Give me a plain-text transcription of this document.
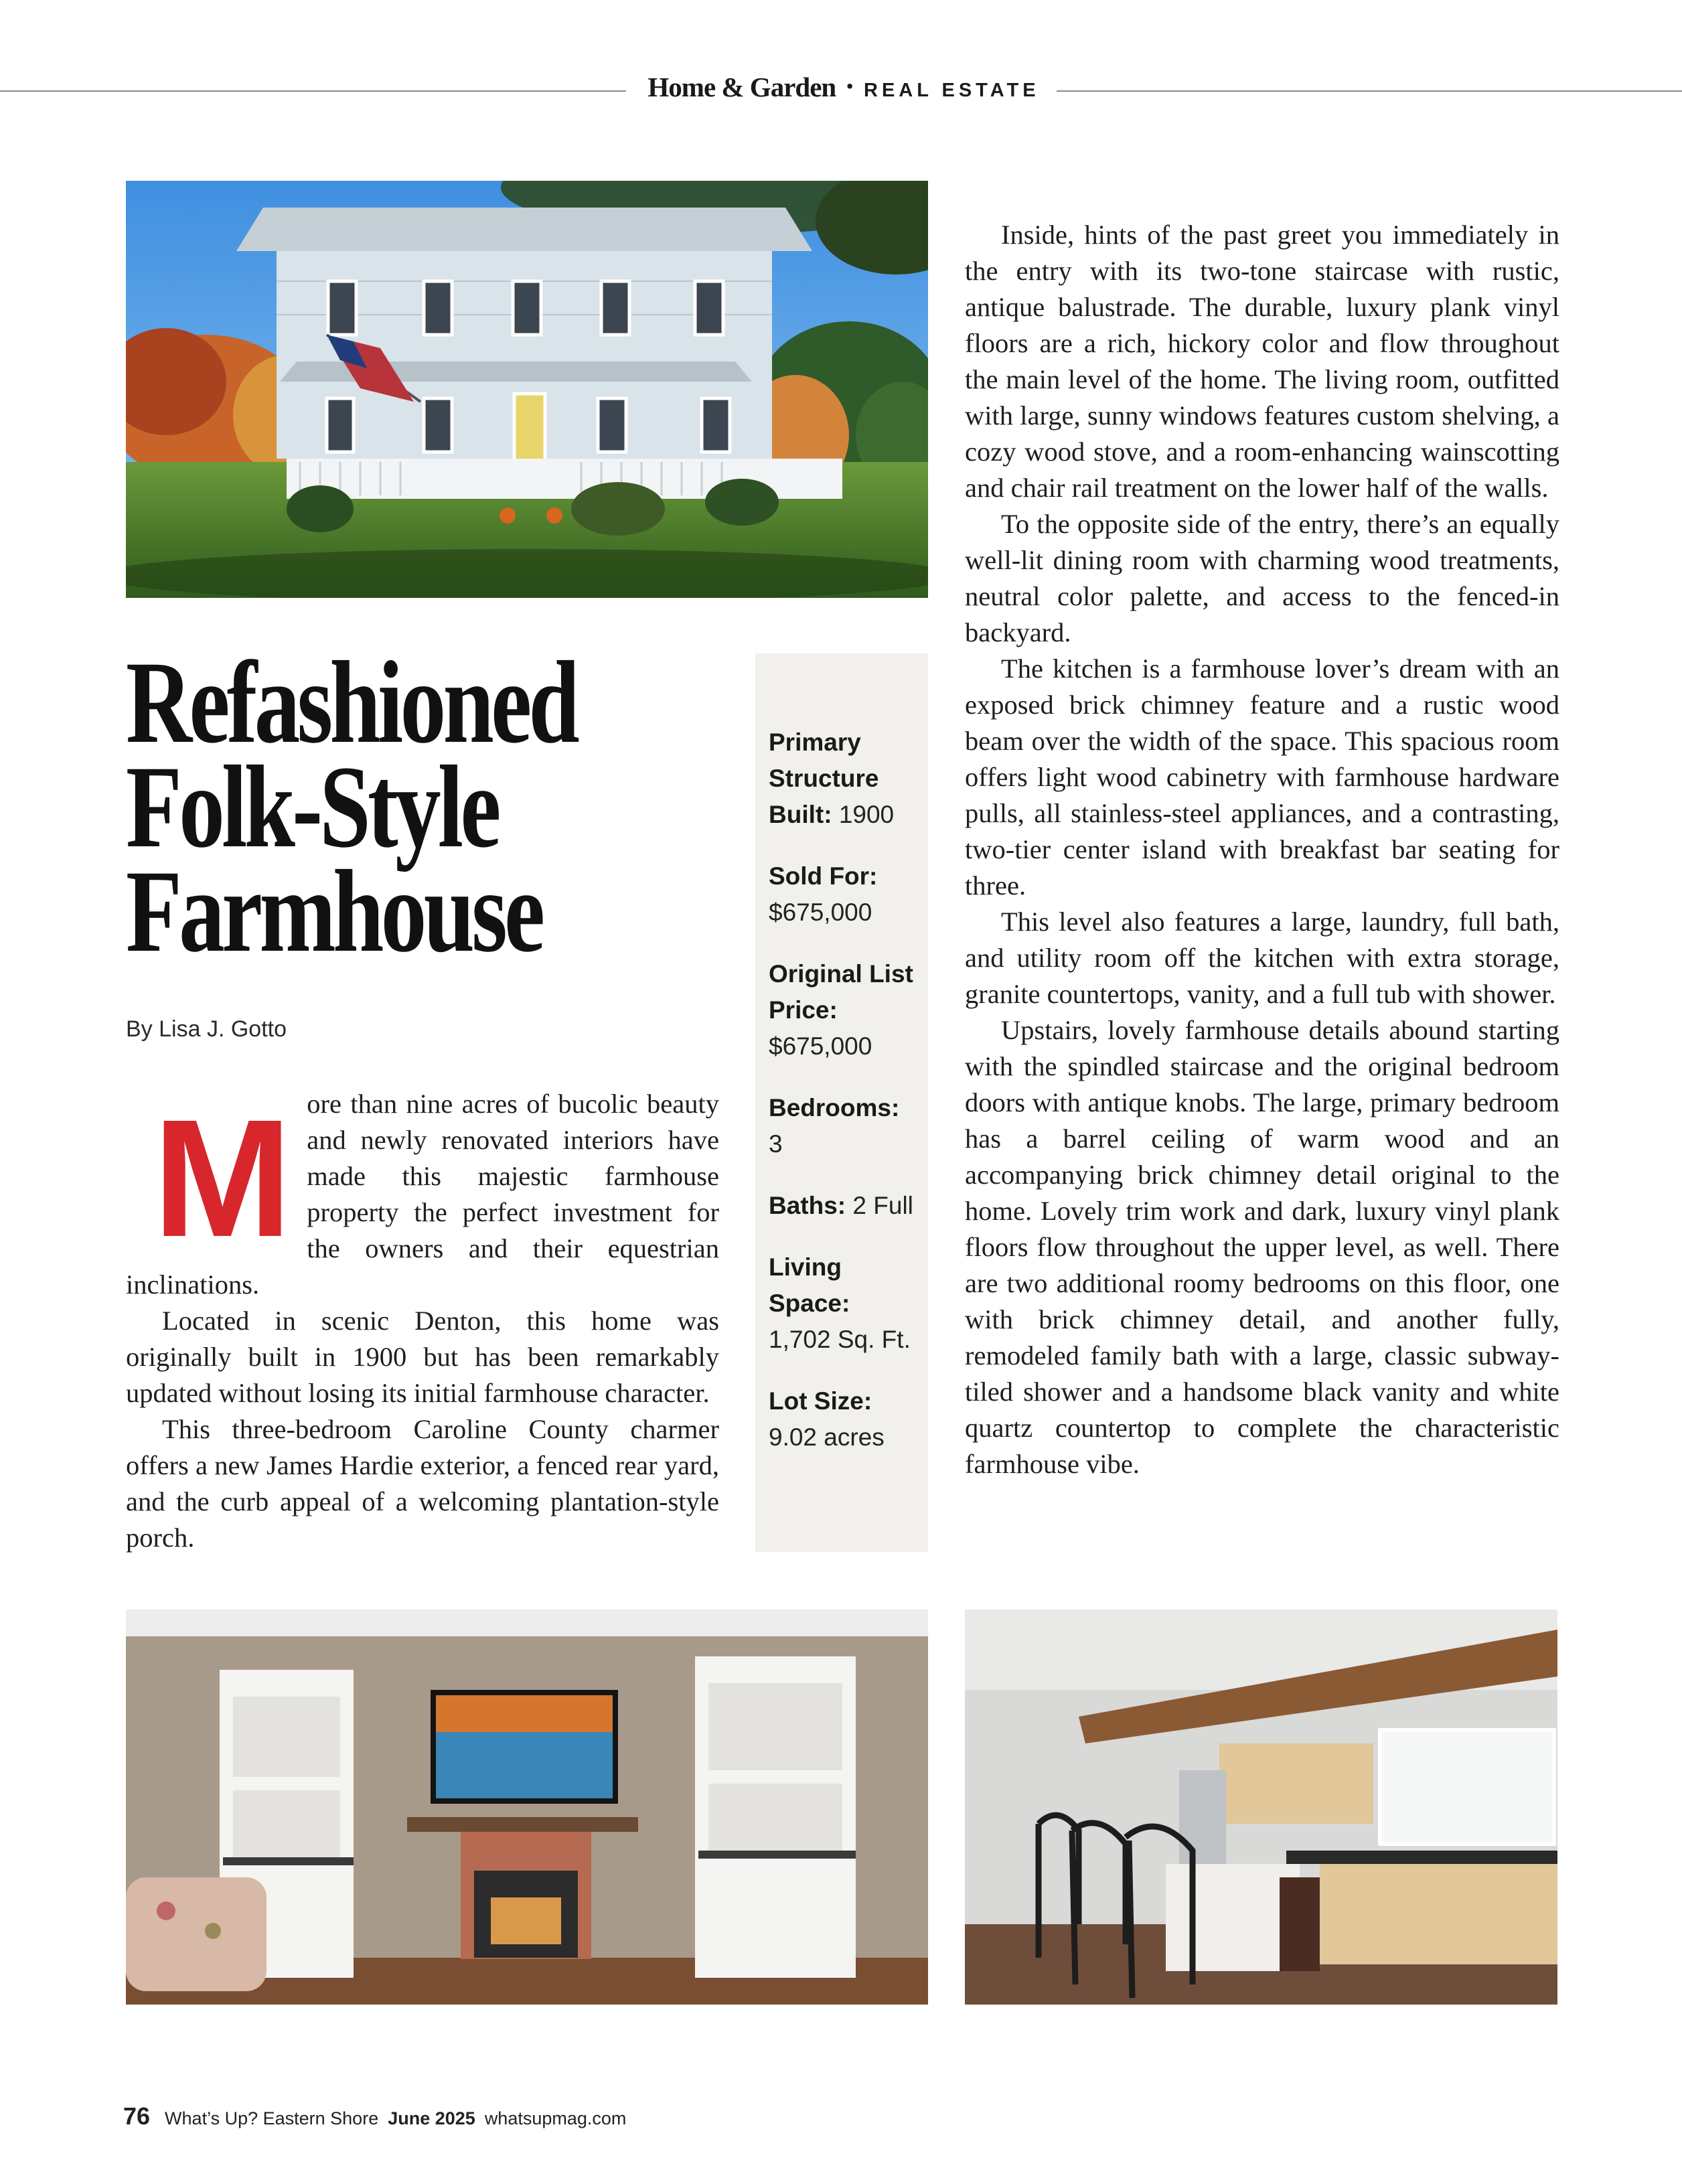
Home & Garden • REAL ESTATE
Refashioned
Folk-Style
Farmhouse
By Lisa J. Gotto
M ore than nine acres of bucolic beauty and newly renovated interiors have made this majestic farmhouse property the perfect investment for the owners and their equestrian inclinations.

Located in scenic Denton, this home was originally built in 1900 but has been remarkably updated without losing its initial farmhouse character.

This three-bedroom Caroline County charmer offers a new James Hardie exterior, a fenced rear yard, and the curb appeal of a welcoming plantation-style porch.

Primary Structure Built: 1900
Sold For:
$675,000
Original List Price:
$675,000
Bedrooms:
3
Baths: 2 Full
Living Space:
1,702 Sq. Ft.
Lot Size:
9.02 acres

Inside, hints of the past greet you immediately in the entry with its two-tone staircase with rustic, antique balustrade. The durable, luxury plank vinyl floors are a rich, hickory color and flow throughout the main level of the home. The living room, outfitted with large, sunny windows features custom shelving, a cozy wood stove, and a room-enhancing wainscotting and chair rail treatment on the lower half of the walls.

To the opposite side of the entry, there’s an equally well-lit dining room with charming wood treatments, neutral color palette, and access to the fenced-in backyard.

The kitchen is a farmhouse lover’s dream with an exposed brick chimney feature and a rustic wood beam over the width of the space. This spacious room offers light wood cabinetry with farmhouse hardware pulls, all stainless-steel appliances, and a contrasting, two-tier center island with breakfast bar seating for three.

This level also features a large, laundry, full bath, and utility room off the kitchen with extra storage, granite countertops, vanity, and a full tub with shower.

Upstairs, lovely farmhouse details abound starting with the spindled staircase and the original bedroom doors with antique knobs. The large, primary bedroom has a barrel ceiling of warm wood and an accompanying brick chimney detail original to the home. Lovely trim work and dark, luxury vinyl plank floors flow throughout the upper level, as well. There are two additional roomy bedrooms on this floor, one with brick chimney detail, and another fully, remodeled family bath with a large, classic subway-tiled shower and a handsome black vanity and white quartz countertop to complete the characteristic farmhouse vibe.

76 What’s Up? Eastern Shore June 2025 whatsupmag.com
